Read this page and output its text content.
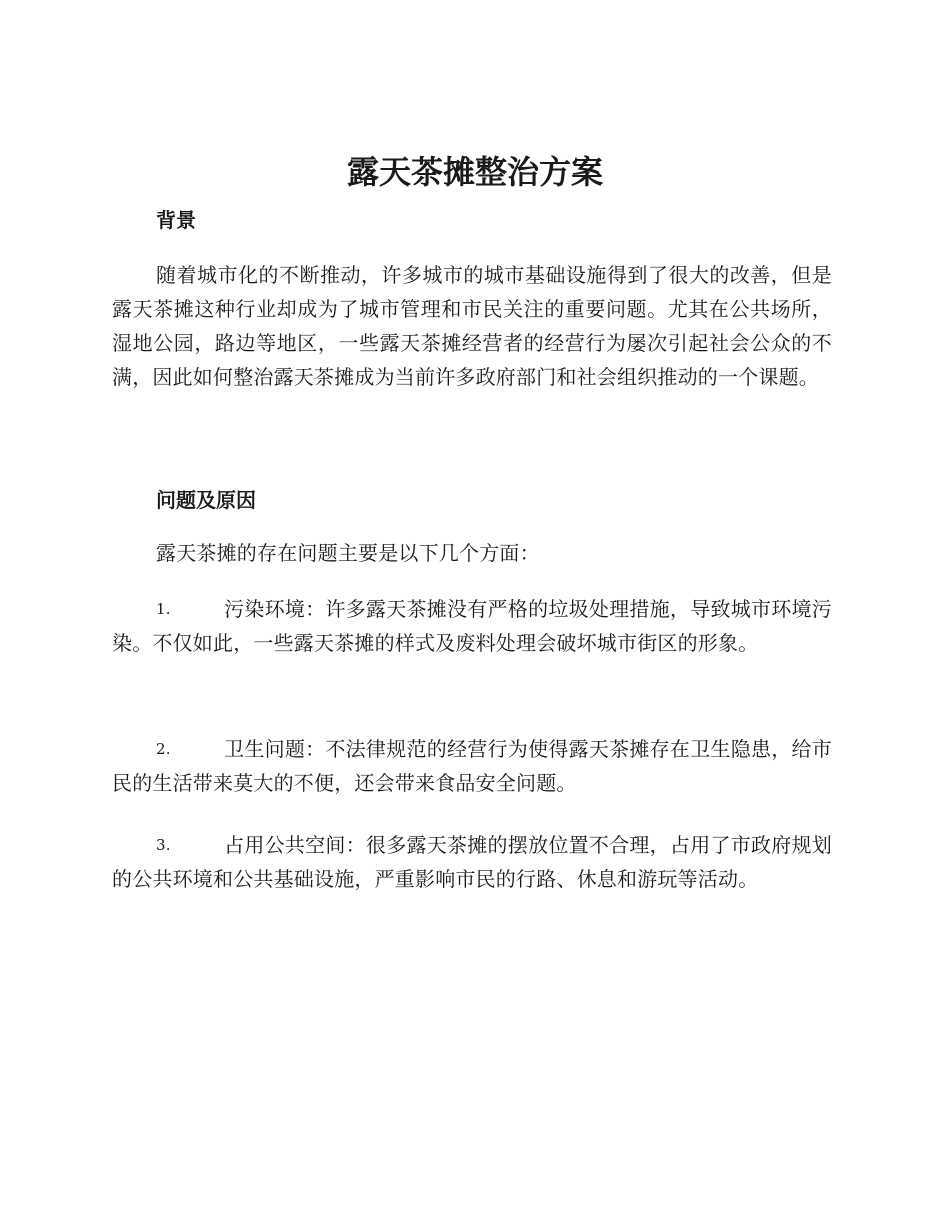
露天茶摊整治方案
背景

随着城市化的不断推动，许多城市的城市基础设施得到了很大的改善，但是露天茶摊这种行业却成为了城市管理和市民关注的重要问题。尤其在公共场所，湿地公园，路边等地区，一些露天茶摊经营者的经营行为屡次引起社会公众的不满，因此如何整治露天茶摊成为当前许多政府部门和社会组织推动的一个课题。

问题及原因

露天茶摊的存在问题主要是以下几个方面：

1.	污染环境：许多露天茶摊没有严格的垃圾处理措施，导致城市环境污染。不仅如此，一些露天茶摊的样式及废料处理会破坏城市街区的形象。

2.	卫生问题：不法律规范的经营行为使得露天茶摊存在卫生隐患，给市民的生活带来莫大的不便，还会带来食品安全问题。

3.	占用公共空间：很多露天茶摊的摆放位置不合理，占用了市政府规划的公共环境和公共基础设施，严重影响市民的行路、休息和游玩等活动。
